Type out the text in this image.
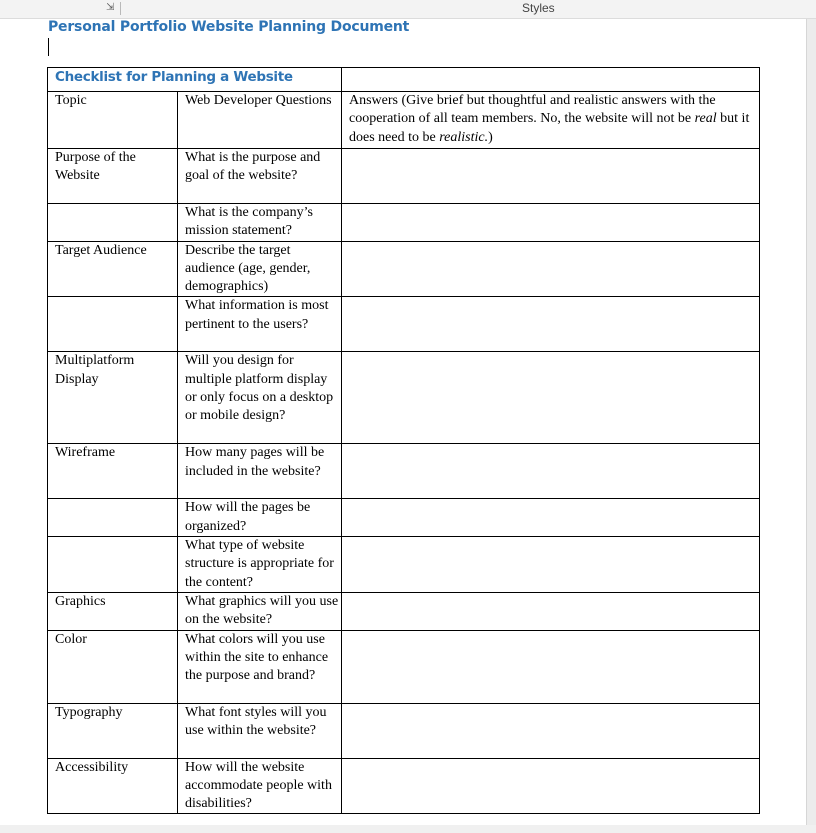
⇲	Styles
Personal Portfolio Website Planning Document
Checklist for Planning a Website		
Topic	Web Developer Questions	Answers (Give brief but thoughtful and realistic answers with the cooperation of all team members. No, the website will not be real but it does need to be realistic.)
Purpose of the Website	What is the purpose and goal of the website?	
	What is the company’s mission statement?	
Target Audience	Describe the target audience (age, gender, demographics)	
	What information is most pertinent to the users?	
Multiplatform Display	Will you design for multiple platform display or only focus on a desktop or mobile design?	
Wireframe	How many pages will be included in the website?	
	How will the pages be organized?	
	What type of website structure is appropriate for the content?	
Graphics	What graphics will you use on the website?	
Color	What colors will you use within the site to enhance the purpose and brand?	
Typography	What font styles will you use within the website?	
Accessibility	How will the website accommodate people with disabilities?	
